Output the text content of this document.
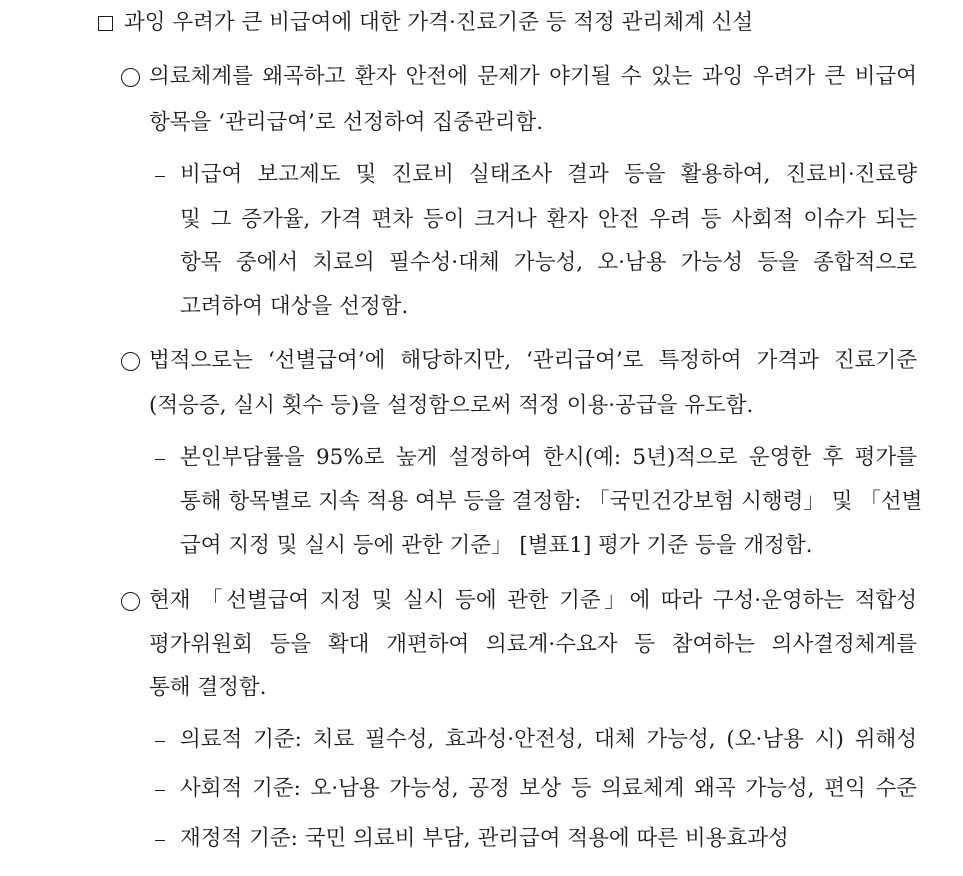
과잉 우려가 큰 비급여에 대한 가격·진료기준 등 적정 관리체계 신설
의료체계를 왜곡하고 환자 안전에 문제가 야기될 수 있는 과잉 우려가 큰 비급여
항목을 ‘관리급여’로 선정하여 집중관리함.
비급여 보고제도 및 진료비 실태조사 결과 등을 활용하여, 진료비·진료량
및 그 증가율, 가격 편차 등이 크거나 환자 안전 우려 등 사회적 이슈가 되는
항목 중에서 치료의 필수성·대체 가능성, 오·남용 가능성 등을 종합적으로
고려하여 대상을 선정함.
법적으로는 ‘선별급여’에 해당하지만, ‘관리급여’로 특정하여 가격과 진료기준
(적응증, 실시 횟수 등)을 설정함으로써 적정 이용·공급을 유도함.
본인부담률을 95%로 높게 설정하여 한시(예: 5년)적으로 운영한 후 평가를
통해 항목별로 지속 적용 여부 등을 결정함: 「국민건강보험 시행령」 및 「선별
급여 지정 및 실시 등에 관한 기준」 [별표1] 평가 기준 등을 개정함.
현재 「선별급여 지정 및 실시 등에 관한 기준」에 따라 구성·운영하는 적합성
평가위원회 등을 확대 개편하여 의료계·수요자 등 참여하는 의사결정체계를
통해 결정함.
의료적 기준: 치료 필수성, 효과성·안전성, 대체 가능성, (오·남용 시) 위해성
사회적 기준: 오·남용 가능성, 공정 보상 등 의료체계 왜곡 가능성, 편익 수준
재정적 기준: 국민 의료비 부담, 관리급여 적용에 따른 비용효과성
